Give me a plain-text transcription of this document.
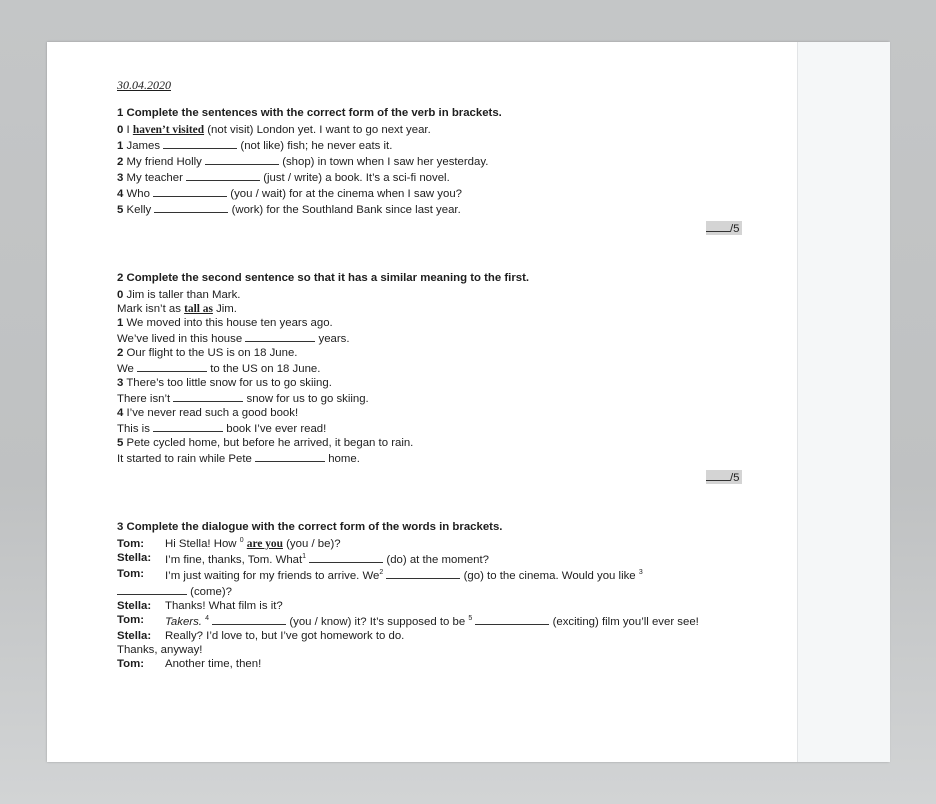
30.04.2020
1 Complete the sentences with the correct form of the verb in brackets.
0 I haven’t visited (not visit) London yet. I want to go next year.
1 James	(not like) fish; he never eats it.
2 My friend Holly	(shop) in town when I saw her yesterday.
3 My teacher	(just / write) a book. It’s a sci-fi novel.
4 Who	(you / wait) for at the cinema when I saw you?
5 Kelly	(work) for the Southland Bank since last year.
/5
2 Complete the second sentence so that it has a similar meaning to the first.
0 Jim is taller than Mark.
Mark isn’t as tall as Jim.
1 We moved into this house ten years ago.
We’ve lived in this house	years.
2 Our flight to the US is on 18 June.
We	to the US on 18 June.
3 There’s too little snow for us to go skiing.
There isn’t	snow for us to go skiing.
4 I’ve never read such a good book!
This is	book I’ve ever read!
5 Pete cycled home, but before he arrived, it began to rain.
It started to rain while Pete	home.
/5
3 Complete the dialogue with the correct form of the words in brackets.
Tom:	Hi Stella! How $^0$ are you (you / be)?
Stella:	I’m fine, thanks, Tom. What$^1$	(do) at the moment?
Tom:	I’m just waiting for my friends to arrive. We$^2$	(go) to the cinema. Would you like $^3$
(come)?
Stella:	Thanks! What film is it?
Tom:	Takers. $^4$	(you / know) it? It’s supposed to be $^5$	(exciting) film you’ll ever see!
Stella:	Really? I’d love to, but I’ve got homework to do.
Thanks, anyway!
Tom:	Another time, then!
